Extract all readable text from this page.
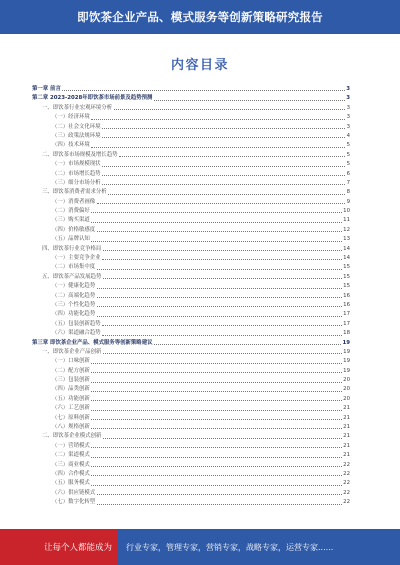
即饮茶企业产品、模式服务等创新策略研究报告
内容目录
第一章 前言	3
第二章 2023-2028年即饮茶市场前景及趋势预测	3
一、即饮茶行业宏观环境分析	3
（一）经济环境	3
（二）社会文化环境	3
（三）政策法规环境	4
（四）技术环境	5
二、即饮茶市场规模及增长趋势	5
（一）市场规模现状	5
（二）市场增长趋势	6
（三）细分市场分析	7
三、即饮茶消费者需求分析	8
（一）消费者画像	9
（二）消费偏好	10
（三）购买渠道	11
（四）价格敏感度	12
（五）品牌认知	13
四、即饮茶行业竞争格局	14
（一）主要竞争企业	14
（二）市场集中度	15
五、即饮茶产品发展趋势	15
（一）健康化趋势	15
（二）高端化趋势	16
（三）个性化趋势	16
（四）功能化趋势	17
（五）包装创新趋势	17
（六）渠道融合趋势	18
第三章 即饮茶企业产品、模式服务等创新策略建议	19
一、即饮茶企业产品创新	19
（一）口味创新	19
（二）配方创新	19
（三）包装创新	20
（四）品类创新	20
（五）功能创新	20
（六）工艺创新	21
（七）原料创新	21
（八）规格创新	21
二、即饮茶企业模式创新	21
（一）营销模式	21
（二）渠道模式	21
（三）商业模式	22
（四）合作模式	22
（五）服务模式	22
（六）供应链模式	22
（七）数字化转型	22
让每个人都能成为	行业专家，管理专家，营销专家，战略专家，运营专家......
